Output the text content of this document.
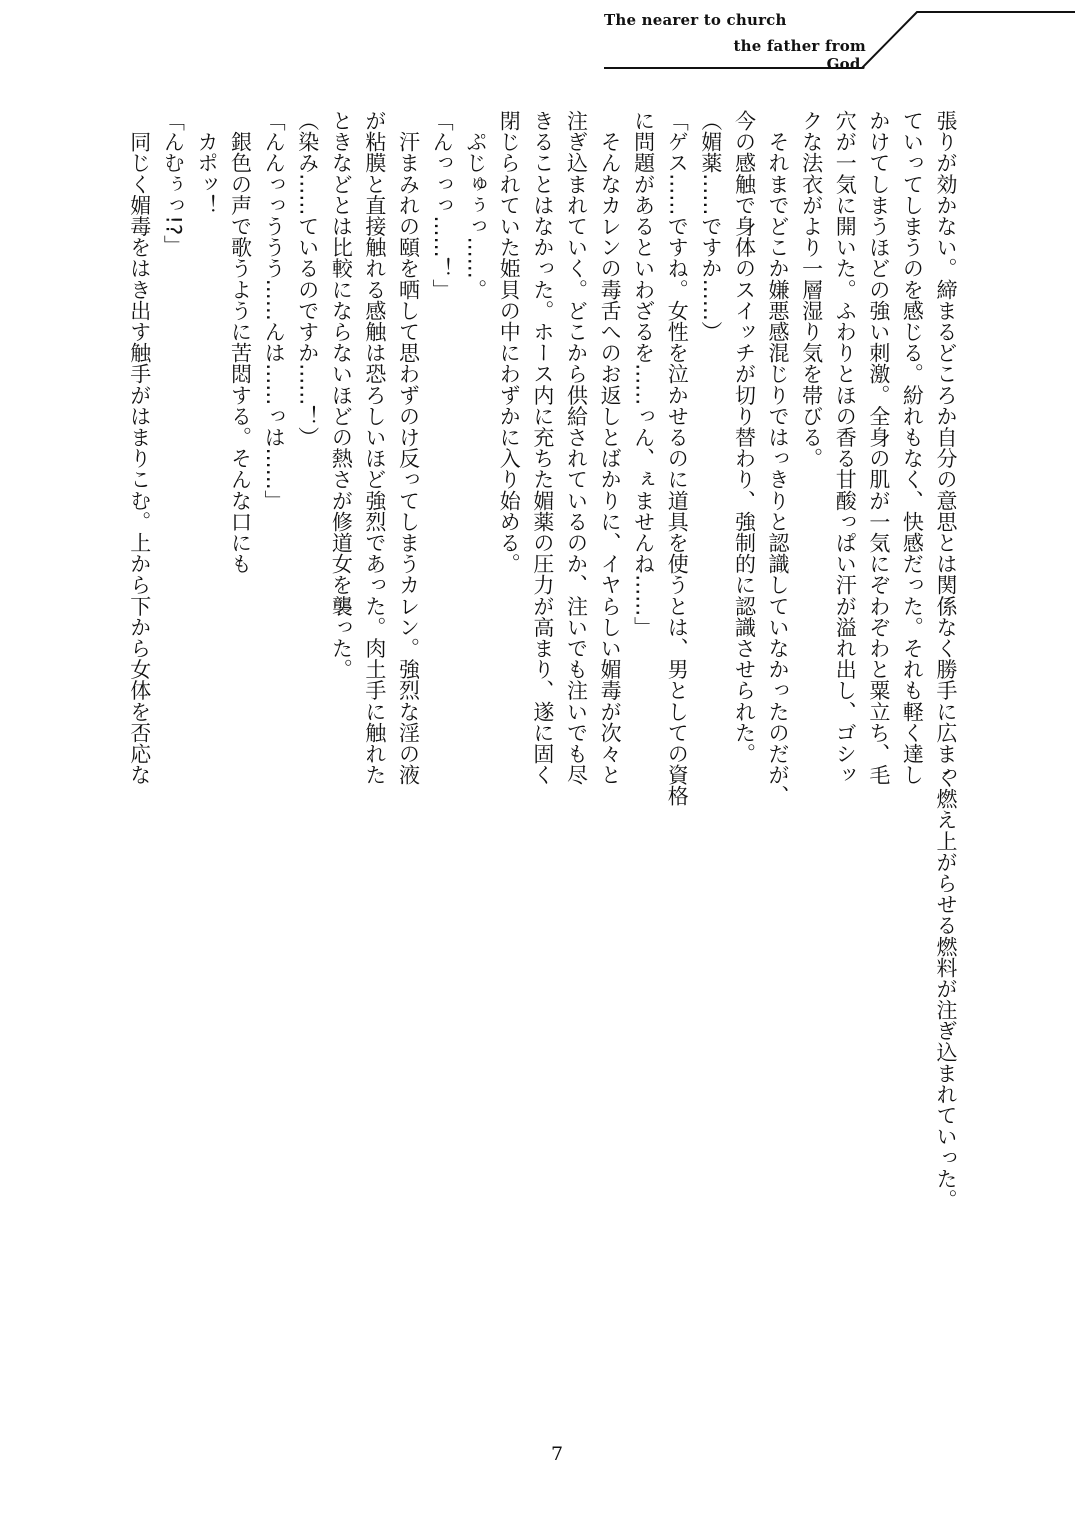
The nearer to church
the father from God.
張りが効かない。締まるどころか自分の意思とは関係なく勝手に広まっ
ていってしまうのを感じる。紛れもなく、快感だった。それも軽く達し
かけてしまうほどの強い刺激。全身の肌が一気にぞわぞわと粟立ち、毛
穴が一気に開いた。ふわりとほの香る甘酸っぱい汗が溢れ出し、ゴシッ
クな法衣がより一層湿り気を帯びる。
　それまでどこか嫌悪感混じりではっきりと認識していなかったのだが、
今の感触で身体のスイッチが切り替わり、強制的に認識させられた。
（媚薬……ですか……）
「ゲス……ですね。女性を泣かせるのに道具を使うとは、男としての資格
に問題があるといわざるを……っん、ぇませんね……」
　そんなカレンの毒舌へのお返しとばかりに、イヤらしい媚毒が次々と
注ぎ込まれていく。どこから供給されているのか、注いでも注いでも尽
きることはなかった。ホース内に充ちた媚薬の圧力が高まり、遂に固く
閉じられていた姫貝の中にわずかに入り始める。
　ぷじゅぅっ……。
「んっっっ……！」
　汗まみれの頤を晒して思わずのけ反ってしまうカレン。強烈な淫の液
が粘膜と直接触れる感触は恐ろしいほど強烈であった。肉土手に触れた
ときなどとは比較にならないほどの熱さが修道女を襲った。
（染み……ているのですか……！）
「んんっっううう……んは……っは……」
　銀色の声で歌うように苦悶する。そんな口にも
　カポッ！
「んむぅっ!?」
　同じく媚毒をはき出す触手がはまりこむ。上から下から女体を否応な
く燃え上がらせる燃料が注ぎ込まれていった。
7
